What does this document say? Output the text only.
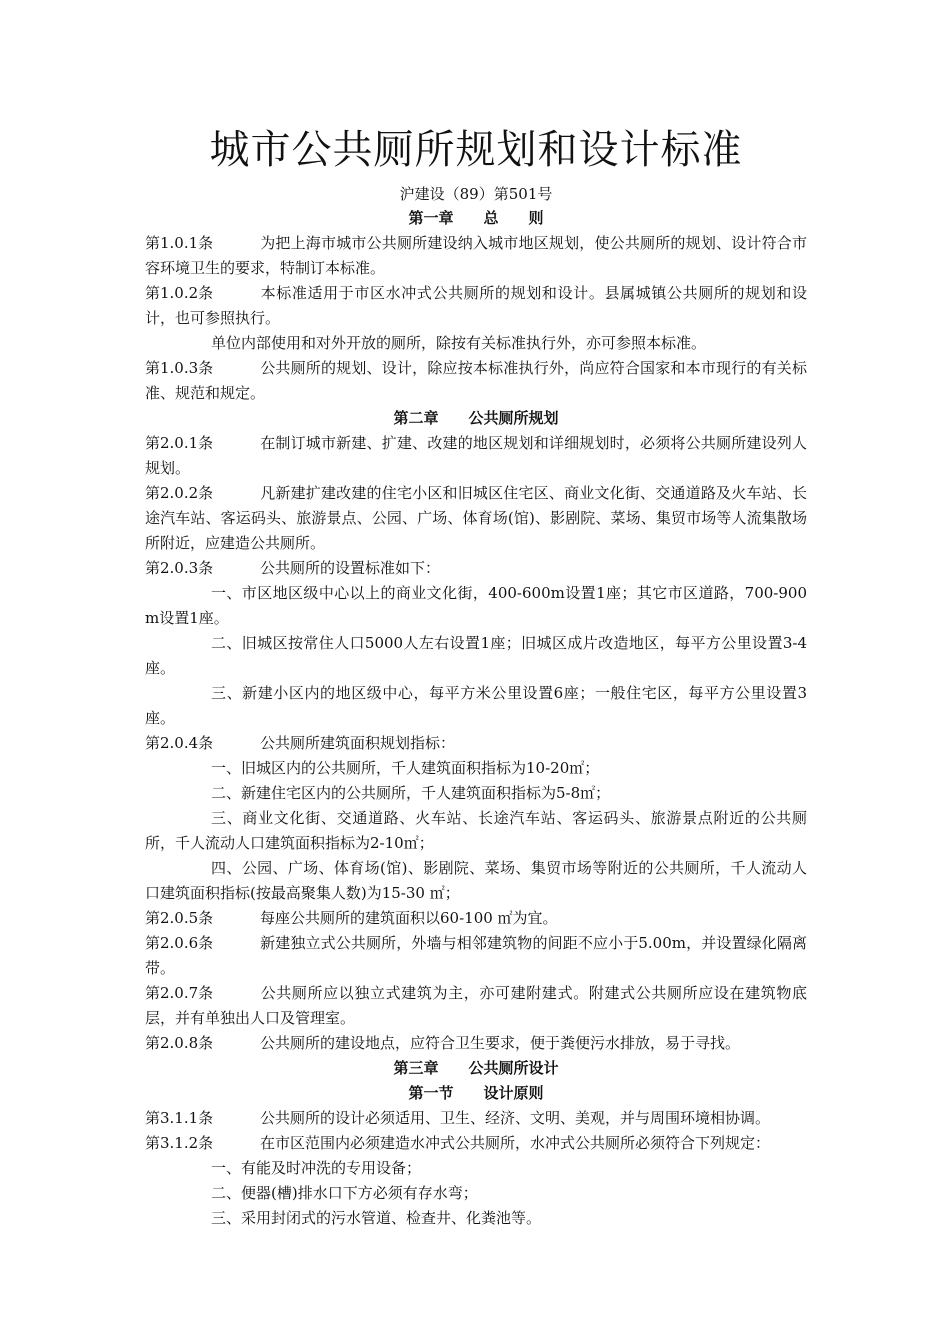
城市公共厕所规划和设计标准
沪建设（89）第501号
第一章　　总　　则
第1.0.1条	为把上海市城市公共厕所建设纳入城市地区规划，使公共厕所的规划、设计符合市容环境卫生的要求，特制订本标准。
第1.0.2条	本标准适用于市区水冲式公共厕所的规划和设计。县属城镇公共厕所的规划和设计，也可参照执行。
单位内部使用和对外开放的厕所，除按有关标准执行外，亦可参照本标准。
第1.0.3条	公共厕所的规划、设计，除应按本标准执行外，尚应符合国家和本市现行的有关标准、规范和规定。
第二章　　公共厕所规划
第2.0.1条	在制订城市新建、扩建、改建的地区规划和详细规划时，必须将公共厕所建设列人规划。
第2.0.2条	凡新建扩建改建的住宅小区和旧城区住宅区、商业文化街、交通道路及火车站、长途汽车站、客运码头、旅游景点、公园、广场、体育场(馆)、影剧院、菜场、集贸市场等人流集散场所附近，应建造公共厕所。
第2.0.3条	公共厕所的设置标准如下：
一、市区地区级中心以上的商业文化街，400-600m设置1座；其它市区道路，700-900m设置1座。
二、旧城区按常住人口5000人左右设置1座；旧城区成片改造地区，每平方公里设置3-4座。
三、新建小区内的地区级中心，每平方米公里设置6座；一般住宅区，每平方公里设置3座。
第2.0.4条	公共厕所建筑面积规划指标：
一、旧城区内的公共厕所，千人建筑面积指标为10-20㎡；
二、新建住宅区内的公共厕所，千人建筑面积指标为5-8㎡；
三、商业文化街、交通道路、火车站、长途汽车站、客运码头、旅游景点附近的公共厕所，千人流动人口建筑面积指标为2-10㎡；
四、公园、广场、体育场(馆)、影剧院、菜场、集贸市场等附近的公共厕所，千人流动人口建筑面积指标(按最高聚集人数)为15-30 ㎡；
第2.0.5条	每座公共厕所的建筑面积以60-100 ㎡为宜。
第2.0.6条	新建独立式公共厕所，外墙与相邻建筑物的间距不应小于5.00m，并设置绿化隔离带。
第2.0.7条	公共厕所应以独立式建筑为主，亦可建附建式。附建式公共厕所应设在建筑物底层，并有单独出人口及管理室。
第2.0.8条	公共厕所的建设地点，应符合卫生要求，便于粪便污水排放，易于寻找。
第三章　　公共厕所设计
第一节　　设计原则
第3.1.1条	公共厕所的设计必须适用、卫生、经济、文明、美观，并与周围环境相协调。
第3.1.2条	在市区范围内必须建造水冲式公共厕所，水冲式公共厕所必须符合下列规定：
一、有能及时冲洗的专用设备；
二、便器(槽)排水口下方必须有存水弯；
三、采用封闭式的污水管道、检查井、化粪池等。
